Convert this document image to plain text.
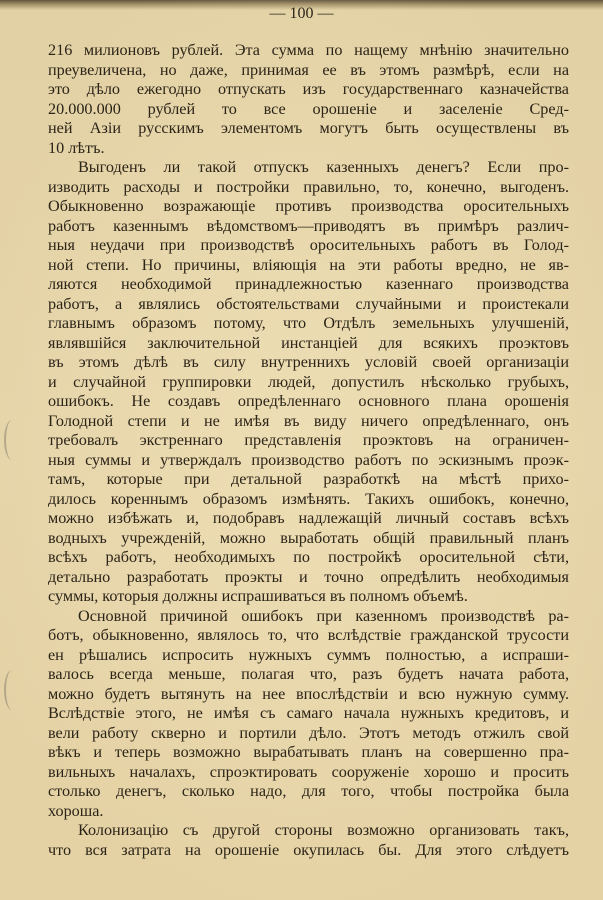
— 100 —
216 милионовъ рублей. Эта сумма по нащему мнѣнію значительно
преувеличена, но даже, принимая ее въ этомъ размѣрѣ, если на
это дѣло ежегодно отпускать изъ государственнаго казначейства
20.000.000 рублей то все орошеніе и заселеніе Сред-
ней Азіи русскимъ элементомъ могутъ быть осуществлены въ
10 лѣтъ.
Выгоденъ ли такой отпускъ казенныхъ денегъ? Если про-
изводить расходы и постройки правильно, то, конечно, выгоденъ.
Обыкновенно возражающіе противъ производства оросительныхъ
работъ казеннымъ вѣдомствомъ—приводятъ въ примѣръ различ-
ныя неудачи при производствѣ оросительныхъ работъ въ Голод-
ной степи. Но причины, вліяющія на эти работы вредно, не яв-
ляются необходимой принадлежностью казеннаго производства
работъ, а являлись обстоятельствами случайными и проистекали
главнымъ образомъ потому, что Отдѣлъ земельныхъ улучшеній,
являвшійся заключительной инстанціей для всякихъ проэктовъ
въ этомъ дѣлѣ въ силу внутреннихъ условій своей организаціи
и случайной группировки людей, допустилъ нѣсколько грубыхъ,
ошибокъ. Не создавъ опредѣленнаго основного плана орошенія
Голодной степи и не имѣя въ виду ничего опредѣленнаго, онъ
требовалъ экстреннаго представленія проэктовъ на ограничен-
ныя суммы и утверждалъ производство работъ по эскизнымъ проэк-
тамъ, которые при детальной разработкѣ на мѣстѣ прихо-
дилось кореннымъ образомъ измѣнять. Такихъ ошибокъ, конечно,
можно избѣжать и, подобравъ надлежащій личный составъ всѣхъ
водныхъ учрежденій, можно выработать общій правильный планъ
всѣхъ работъ, необходимыхъ по постройкѣ оросительной сѣти,
детально разработать проэкты и точно опредѣлить необходимыя
суммы, которыя должны испрашиваться въ полномъ объемѣ.
Основной причиной ошибокъ при казенномъ производствѣ ра-
ботъ, обыкновенно, являлось то, что вслѣдствіе гражданской трусости
ен рѣшались испросить нужныхъ суммъ полностью, а испраши-
валось всегда меньше, полагая что, разъ будетъ начата работа,
можно будетъ вытянуть на нее впослѣдствіи и всю нужную сумму.
Вслѣдствіе этого, не имѣя съ самаго начала нужныхъ кредитовъ, и
вели работу скверно и портили дѣло. Этотъ методъ отжилъ свой
вѣкъ и теперь возможно вырабатывать планъ на совершенно пра-
вильныхъ началахъ, спроэктировать сооруженіе хорошо и просить
столько денегъ, сколько надо, для того, чтобы постройка была
хороша.
Колонизацію съ другой стороны возможно организовать такъ,
что вся затрата на орошеніе окупилась бы. Для этого слѣдуетъ
